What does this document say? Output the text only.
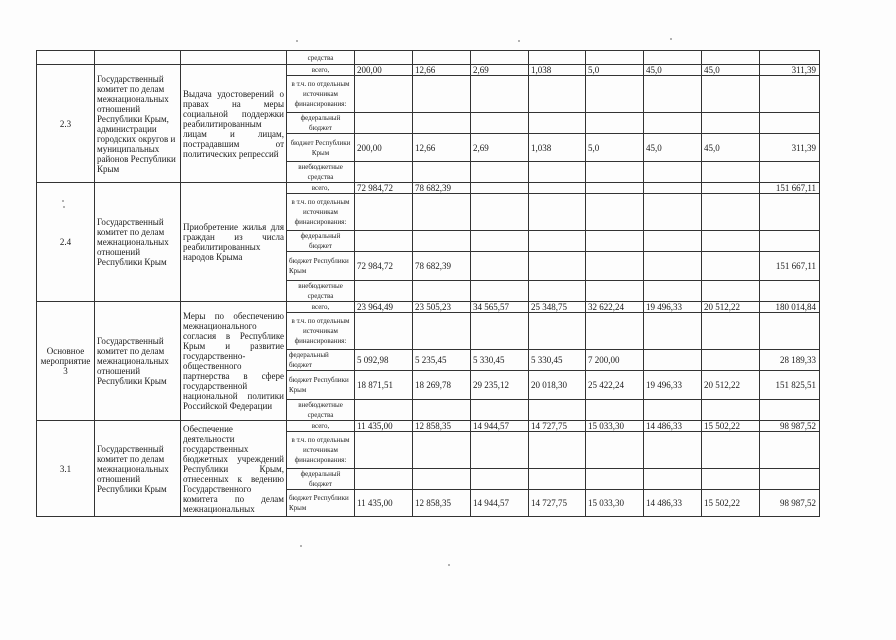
			средства								
2.3	Государственный комитет по делам межнациональных отношений Республики Крым, администрации городских округов и муниципальных районов Республики Крым	Выдача удостоверений о правах на меры социальной поддержки реабилитированным лицам и лицам, пострадавшим от политических репрессий	всего,	200,00	12,66	2,69	1,038	5,0	45,0	45,0	311,39
			в т.ч. по отдельным источникам финансирования:								
			федеральный бюджет								
			бюджет Республики Крым	200,00	12,66	2,69	1,038	5,0	45,0	45,0	311,39
			внебюджетные средства								
2.4	Государственный комитет по делам межнациональных отношений Республики Крым	Приобретение жилья для граждан из числа реабилитированных народов Крыма	всего,	72 984,72	78 682,39						151 667,11
			в т.ч. по отдельным источникам финансирования:								
			федеральный бюджет								
			бюджет Республики Крым	72 984,72	78 682,39						151 667,11
			внебюджетные средства								
Основное мероприятие 3	Государственный комитет по делам межнациональных отношений Республики Крым	Меры по обеспечению межнационального согласия в Республике Крым и развитие государственно-общественного партнерства в сфере государственной национальной политики Российской Федерации	всего,	23 964,49	23 505,23	34 565,57	25 348,75	32 622,24	19 496,33	20 512,22	180 014,84
			в т.ч. по отдельным источникам финансирования:								
			федеральный бюджет	5 092,98	5 235,45	5 330,45	5 330,45	7 200,00			28 189,33
			бюджет Республики Крым	18 871,51	18 269,78	29 235,12	20 018,30	25 422,24	19 496,33	20 512,22	151 825,51
			внебюджетные средства								
3.1	Государственный комитет по делам межнациональных отношений Республики Крым	Обеспечение деятельности государственных бюджетных учреждений Республики Крым, отнесенных к ведению Государственного комитета по делам межнациональных	всего,	11 435,00	12 858,35	14 944,57	14 727,75	15 033,30	14 486,33	15 502,22	98 987,52
			в т.ч. по отдельным источникам финансирования:								
			федеральный бюджет								
			бюджет Республики Крым	11 435,00	12 858,35	14 944,57	14 727,75	15 033,30	14 486,33	15 502,22	98 987,52
